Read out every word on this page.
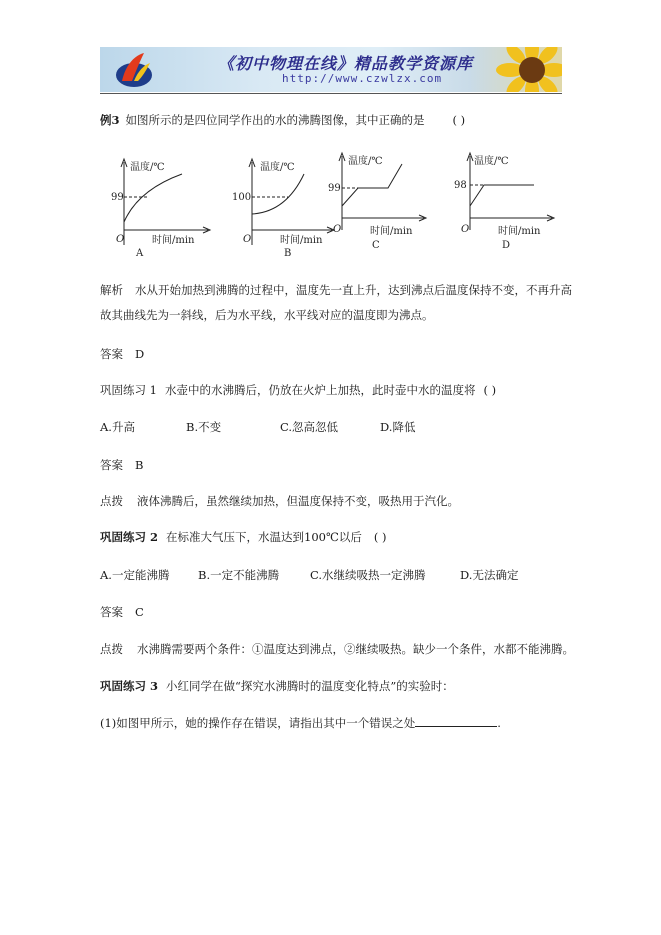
《初中物理在线》精品教学资源库
http://www.czwlzx.com
例3 如图所示的是四位同学作出的水的沸腾图像，其中正确的是 ( )
温度/℃
99
O	时间/min
A
温度/℃
100
O	时间/min
B
温度/℃
99
O	时间/min
C
温度/℃
98
O	时间/min
D
解析 水从开始加热到沸腾的过程中，温度先一直上升，达到沸点后温度保持不变，不再升高
故其曲线先为一斜线，后为水平线，水平线对应的温度即为沸点。
答案 D
巩固练习 1 水壶中的水沸腾后，仍放在火炉上加热，此时壶中水的温度将 ( )
A.升高	B.不变	C.忽高忽低	D.降低
答案 B
点拨 液体沸腾后，虽然继续加热，但温度保持不变，吸热用于汽化。
巩固练习 2 在标准大气压下，水温达到100℃以后 ( )
A.一定能沸腾 B.一定不能沸腾	C.水继续吸热一定沸腾	D.无法确定
答案 C
点拨 水沸腾需要两个条件：①温度达到沸点，②继续吸热。缺少一个条件，水都不能沸腾。
巩固练习 3 小红同学在做“探究水沸腾时的温度变化特点”的实验时：
(1)如图甲所示，她的操作存在错误，请指出其中一个错误之处	.
